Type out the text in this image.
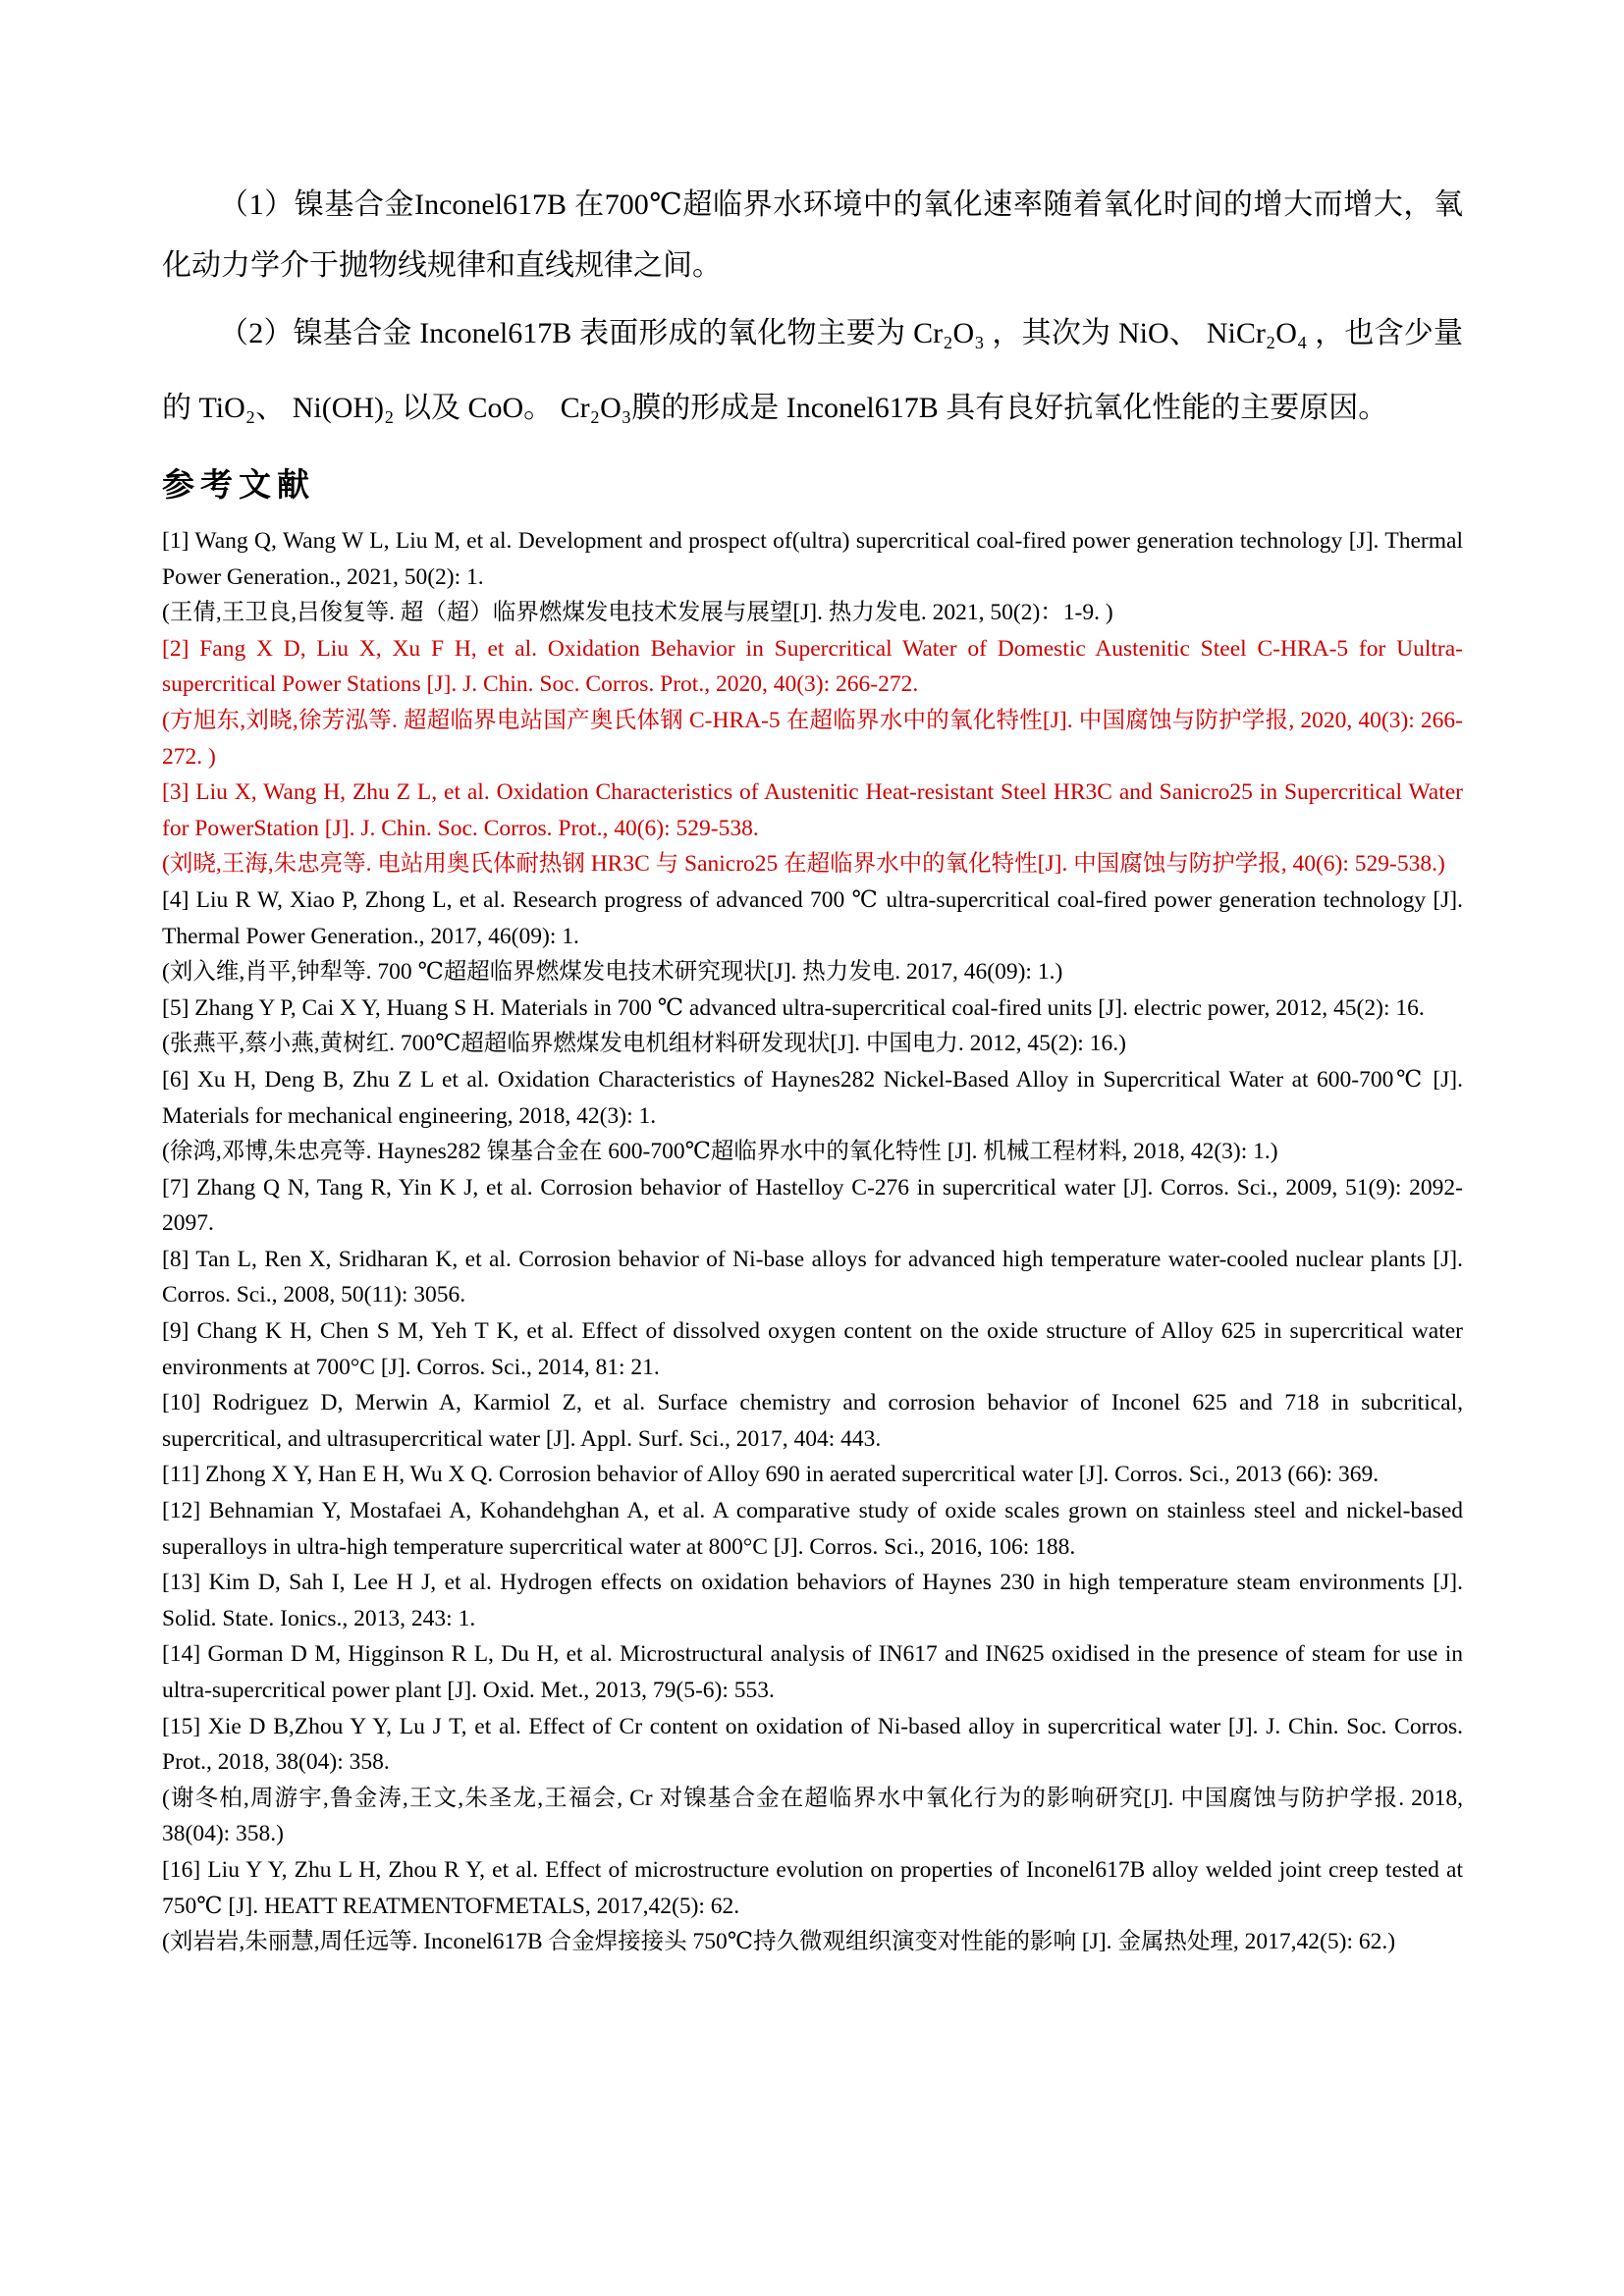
（1）镍基合金Inconel617B 在700℃超临界水环境中的氧化速率随着氧化时间的增大而增大，氧化动力学介于抛物线规律和直线规律之间。

（2）镍基合金 Inconel617B 表面形成的氧化物主要为 Cr₂O₃ ，其次为 NiO、 NiCr₂O₄ ，也含少量的 TiO₂、 Ni(OH)₂ 以及 CoO。 Cr₂O₃膜的形成是 Inconel617B 具有良好抗氧化性能的主要原因。

参考文献

[1] Wang Q, Wang W L, Liu M, et al. Development and prospect of(ultra) supercritical coal-fired power generation technology [J]. Thermal Power Generation., 2021, 50(2): 1.

(王倩,王卫良,吕俊复等. 超（超）临界燃煤发电技术发展与展望[J]. 热力发电. 2021, 50(2)：1-9. )

[2] Fang X D, Liu X, Xu F H, et al. Oxidation Behavior in Supercritical Water of Domestic Austenitic Steel C-HRA-5 for Uultra-supercritical Power Stations [J]. J. Chin. Soc. Corros. Prot., 2020, 40(3): 266-272.

(方旭东,刘晓,徐芳泓等. 超超临界电站国产奥氏体钢 C-HRA-5 在超临界水中的氧化特性[J]. 中国腐蚀与防护学报, 2020, 40(3): 266-272. )

[3] Liu X, Wang H, Zhu Z L, et al. Oxidation Characteristics of Austenitic Heat-resistant Steel HR3C and Sanicro25 in Supercritical Water for PowerStation [J]. J. Chin. Soc. Corros. Prot., 40(6): 529-538.

(刘晓,王海,朱忠亮等. 电站用奥氏体耐热钢 HR3C 与 Sanicro25 在超临界水中的氧化特性[J]. 中国腐蚀与防护学报, 40(6): 529-538.)

[4] Liu R W, Xiao P, Zhong L, et al. Research progress of advanced 700 ℃ ultra-supercritical coal-fired power generation technology [J]. Thermal Power Generation., 2017, 46(09): 1.

(刘入维,肖平,钟犁等. 700 ℃超超临界燃煤发电技术研究现状[J]. 热力发电. 2017, 46(09): 1.)

[5] Zhang Y P, Cai X Y, Huang S H. Materials in 700 ℃ advanced ultra-supercritical coal-fired units [J]. electric power, 2012, 45(2): 16.

(张燕平,蔡小燕,黄树红. 700℃超超临界燃煤发电机组材料研发现状[J]. 中国电力. 2012, 45(2): 16.)

[6] Xu H, Deng B, Zhu Z L et al. Oxidation Characteristics of Haynes282 Nickel-Based Alloy in Supercritical Water at 600-700℃ [J]. Materials for mechanical engineering, 2018, 42(3): 1.

(徐鸿,邓博,朱忠亮等. Haynes282 镍基合金在 600-700℃超临界水中的氧化特性 [J]. 机械工程材料, 2018, 42(3): 1.)

[7] Zhang Q N, Tang R, Yin K J, et al. Corrosion behavior of Hastelloy C-276 in supercritical water [J]. Corros. Sci., 2009, 51(9): 2092-2097.

[8] Tan L, Ren X, Sridharan K, et al. Corrosion behavior of Ni-base alloys for advanced high temperature water-cooled nuclear plants [J]. Corros. Sci., 2008, 50(11): 3056.

[9] Chang K H, Chen S M, Yeh T K, et al. Effect of dissolved oxygen content on the oxide structure of Alloy 625 in supercritical water environments at 700°C [J]. Corros. Sci., 2014, 81: 21.

[10] Rodriguez D, Merwin A, Karmiol Z, et al. Surface chemistry and corrosion behavior of Inconel 625 and 718 in subcritical, supercritical, and ultrasupercritical water [J]. Appl. Surf. Sci., 2017, 404: 443.

[11] Zhong X Y, Han E H, Wu X Q. Corrosion behavior of Alloy 690 in aerated supercritical water [J]. Corros. Sci., 2013 (66): 369.

[12] Behnamian Y, Mostafaei A, Kohandehghan A, et al. A comparative study of oxide scales grown on stainless steel and nickel-based superalloys in ultra-high temperature supercritical water at 800°C [J]. Corros. Sci., 2016, 106: 188.

[13] Kim D, Sah I, Lee H J, et al. Hydrogen effects on oxidation behaviors of Haynes 230 in high temperature steam environments [J]. Solid. State. Ionics., 2013, 243: 1.

[14] Gorman D M, Higginson R L, Du H, et al. Microstructural analysis of IN617 and IN625 oxidised in the presence of steam for use in ultra-supercritical power plant [J]. Oxid. Met., 2013, 79(5-6): 553.

[15] Xie D B,Zhou Y Y, Lu J T, et al. Effect of Cr content on oxidation of Ni-based alloy in supercritical water [J]. J. Chin. Soc. Corros. Prot., 2018, 38(04): 358.

(谢冬柏,周游宇,鲁金涛,王文,朱圣龙,王福会, Cr 对镍基合金在超临界水中氧化行为的影响研究[J]. 中国腐蚀与防护学报. 2018, 38(04): 358.)

[16] Liu Y Y, Zhu L H, Zhou R Y, et al. Effect of microstructure evolution on properties of Inconel617B alloy welded joint creep tested at 750℃ [J]. HEATT REATMENTOFMETALS, 2017,42(5): 62.

(刘岩岩,朱丽慧,周任远等. Inconel617B 合金焊接接头 750℃持久微观组织演变对性能的影响 [J]. 金属热处理, 2017,42(5): 62.)
